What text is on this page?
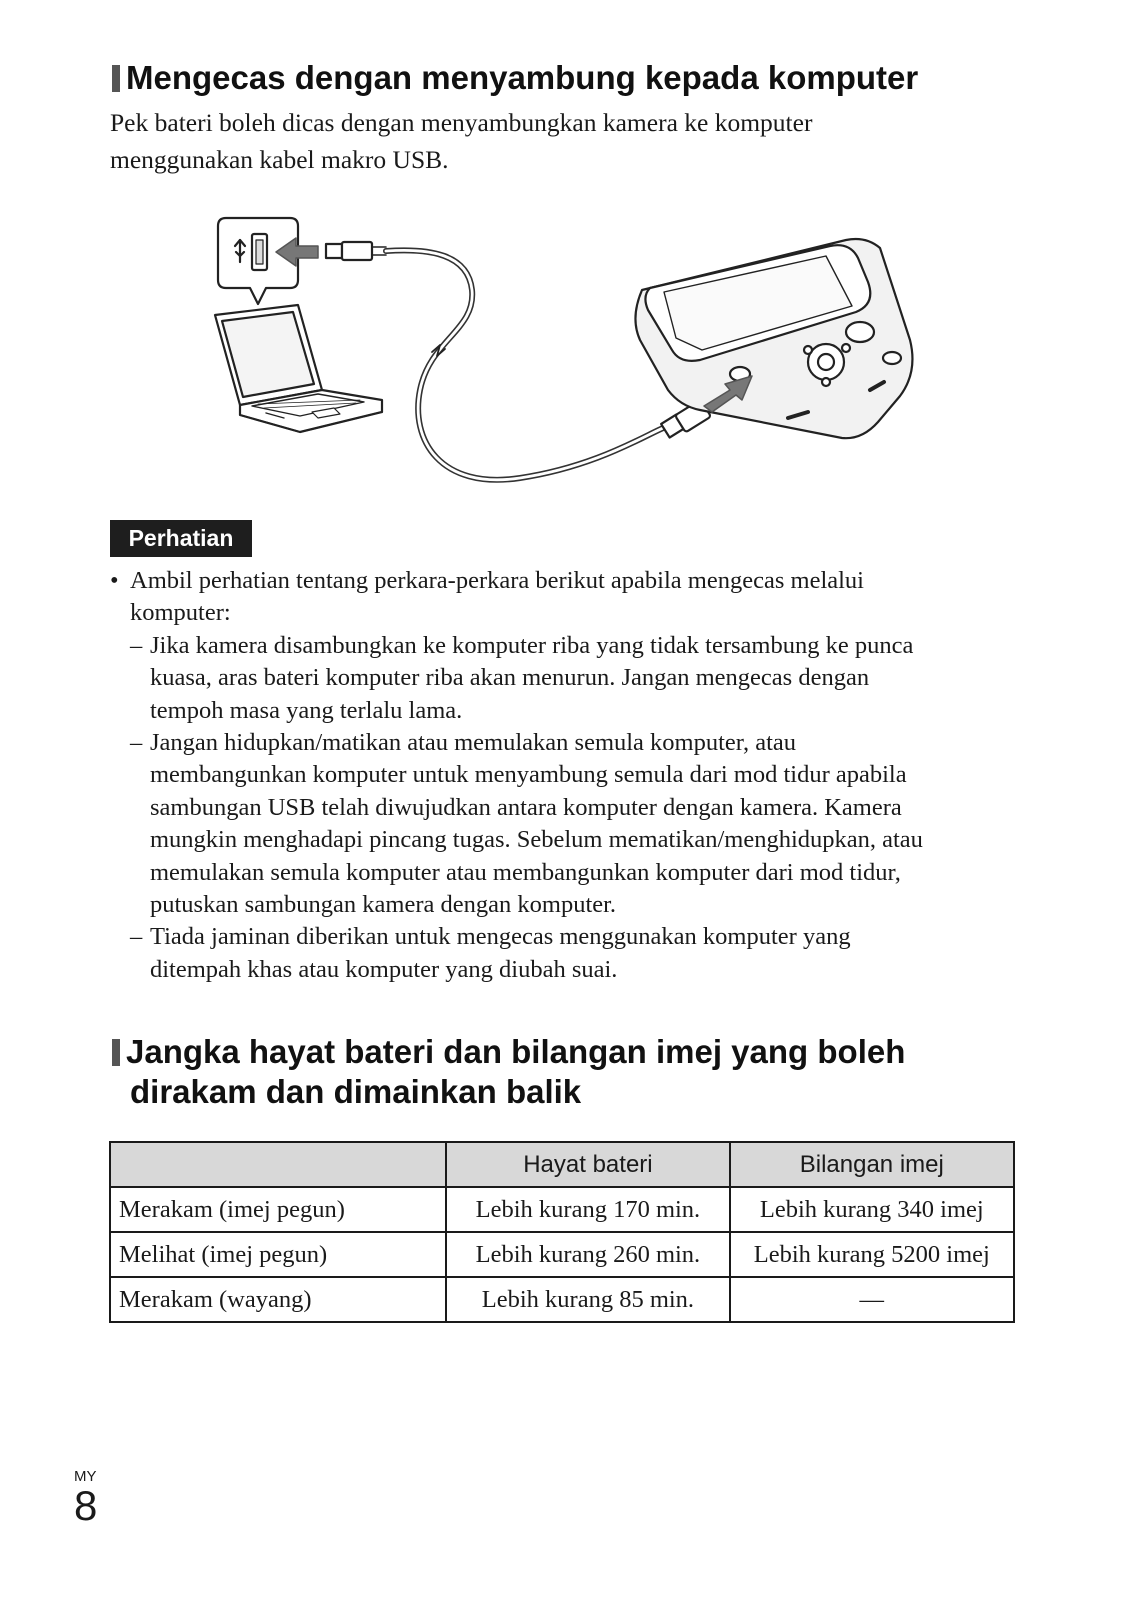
Mengecas dengan menyambung kepada komputer
Pek bateri boleh dicas dengan menyambungkan kamera ke komputer
menggunakan kabel makro USB.
Perhatian
• Ambil perhatian tentang perkara-perkara berikut apabila mengecas melalui
komputer:
– Jika kamera disambungkan ke komputer riba yang tidak tersambung ke punca
kuasa, aras bateri komputer riba akan menurun. Jangan mengecas dengan
tempoh masa yang terlalu lama.
– Jangan hidupkan/matikan atau memulakan semula komputer, atau
membangunkan komputer untuk menyambung semula dari mod tidur apabila
sambungan USB telah diwujudkan antara komputer dengan kamera. Kamera
mungkin menghadapi pincang tugas. Sebelum mematikan/menghidupkan, atau
memulakan semula komputer atau membangunkan komputer dari mod tidur,
putuskan sambungan kamera dengan komputer.
– Tiada jaminan diberikan untuk mengecas menggunakan komputer yang
ditempah khas atau komputer yang diubah suai.
Jangka hayat bateri dan bilangan imej yang boleh
dirakam dan dimainkan balik
	Hayat bateri	Bilangan imej
Merakam (imej pegun)	Lebih kurang 170 min.	Lebih kurang 340 imej
Melihat (imej pegun)	Lebih kurang 260 min.	Lebih kurang 5200 imej
Merakam (wayang)	Lebih kurang 85 min.	—
MY
8
